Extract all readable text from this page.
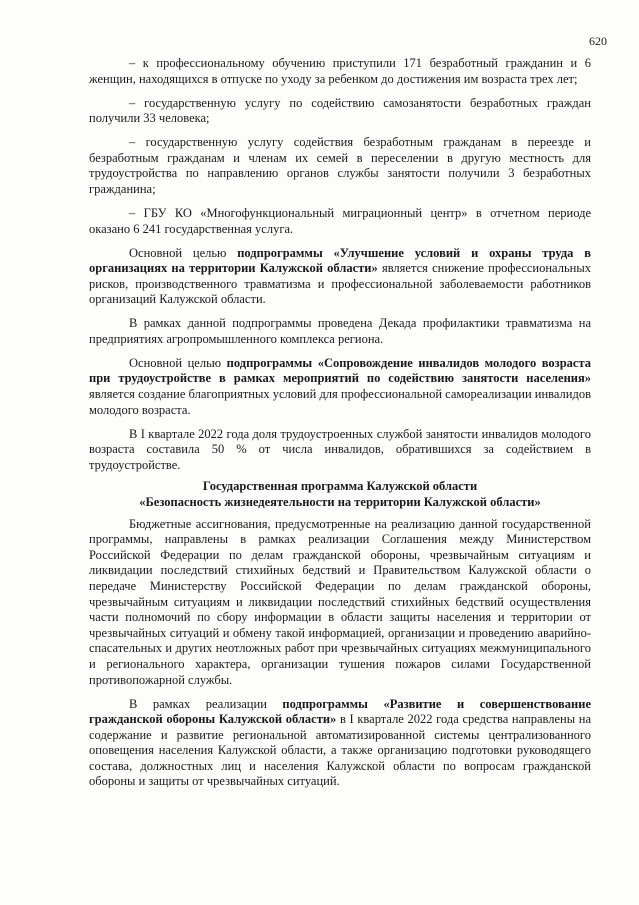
620

– к профессиональному обучению приступили 171 безработный гражданин и 6 женщин, находящихся в отпуске по уходу за ребенком до достижения им возраста трех лет;

– государственную услугу по содействию самозанятости безработных граждан получили 33 человека;

– государственную услугу содействия безработным гражданам в переезде и безработным гражданам и членам их семей в переселении в другую местность для трудоустройства по направлению органов службы занятости получили 3 безработных гражданина;

– ГБУ КО «Многофункциональный миграционный центр» в отчетном периоде оказано 6 241 государственная услуга.

Основной целью подпрограммы «Улучшение условий и охраны труда в организациях на территории Калужской области» является снижение профессиональных рисков, производственного травматизма и профессиональной заболеваемости работников организаций Калужской области.

В рамках данной подпрограммы проведена Декада профилактики травматизма на предприятиях агропромышленного комплекса региона.

Основной целью подпрограммы «Сопровождение инвалидов молодого возраста при трудоустройстве в рамках мероприятий по содействию занятости населения» является создание благоприятных условий для профессиональной самореализации инвалидов молодого возраста.

В I квартале 2022 года доля трудоустроенных службой занятости инвалидов молодого возраста составила 50 % от числа инвалидов, обратившихся за содействием в трудоустройстве.

Государственная программа Калужской области
«Безопасность жизнедеятельности на территории Калужской области»

Бюджетные ассигнования, предусмотренные на реализацию данной государственной программы, направлены в рамках реализации Соглашения между Министерством Российской Федерации по делам гражданской обороны, чрезвычайным ситуациям и ликвидации последствий стихийных бедствий и Правительством Калужской области о передаче Министерству Российской Федерации по делам гражданской обороны, чрезвычайным ситуациям и ликвидации последствий стихийных бедствий осуществления части полномочий по сбору информации в области защиты населения и территории от чрезвычайных ситуаций и обмену такой информацией, организации и проведению аварийно-спасательных и других неотложных работ при чрезвычайных ситуациях межмуниципального и регионального характера, организации тушения пожаров силами Государственной противопожарной службы.

В рамках реализации подпрограммы «Развитие и совершенствование гражданской обороны Калужской области» в I квартале 2022 года средства направлены на содержание и развитие региональной автоматизированной системы централизованного оповещения населения Калужской области, а также организацию подготовки руководящего состава, должностных лиц и населения Калужской области по вопросам гражданской обороны и защиты от чрезвычайных ситуаций.
